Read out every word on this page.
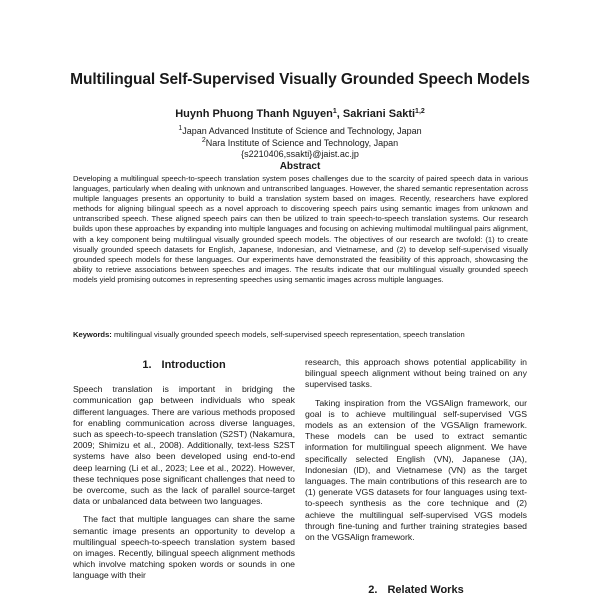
Multilingual Self-Supervised Visually Grounded Speech Models
Huynh Phuong Thanh Nguyen$^1$, Sakriani Sakti$^{1,2}$
$^1$Japan Advanced Institute of Science and Technology, Japan
$^2$Nara Institute of Science and Technology, Japan
{s2210406,ssakti}@jaist.ac.jp
Abstract

Developing a multilingual speech-to-speech translation system poses challenges due to the scarcity of paired speech data in various languages, particularly when dealing with unknown and untranscribed languages. However, the shared semantic representation across multiple languages presents an opportunity to build a translation system based on images. Recently, researchers have explored methods for aligning bilingual speech as a novel approach to discovering speech pairs using semantic images from unknown and untranscribed speech. These aligned speech pairs can then be utilized to train speech-to-speech translation systems. Our research builds upon these approaches by expanding into multiple languages and focusing on achieving multimodal multilingual pairs alignment, with a key component being multilingual visually grounded speech models. The objectives of our research are twofold: (1) to create visually grounded speech datasets for English, Japanese, Indonesian, and Vietnamese, and (2) to develop self-supervised visually grounded speech models for these languages. Our experiments have demonstrated the feasibility of this approach, showcasing the ability to retrieve associations between speeches and images. The results indicate that our multilingual visually grounded speech models yield promising outcomes in representing speeches using semantic images across multiple languages.

Keywords: multilingual visually grounded speech models, self-supervised speech representation, speech translation

1. Introduction

Speech translation is important in bridging the communication gap between individuals who speak different languages. There are various methods proposed for enabling communication across diverse languages, such as speech-to-speech translation (S2ST) (Nakamura, 2009; Shimizu et al., 2008). Additionally, text-less S2ST systems have also been developed using end-to-end deep learning (Li et al., 2023; Lee et al., 2022). However, these techniques pose significant challenges that need to be overcome, such as the lack of parallel source-target data or unbalanced data between two languages.

The fact that multiple languages can share the same semantic image presents an opportunity to develop a multilingual speech-to-speech translation system based on images. Recently, bilingual speech alignment methods which involve matching spoken words or sounds in one language with their

research, this approach shows potential applicability in bilingual speech alignment without being trained on any supervised tasks.

Taking inspiration from the VGSAlign framework, our goal is to achieve multilingual self-supervised VGS models as an extension of the VGSAlign framework. These models can be used to extract semantic information for multilingual speech alignment. We have specifically selected English (VN), Japanese (JA), Indonesian (ID), and Vietnamese (VN) as the target languages. The main contributions of this research are to (1) generate VGS datasets for four languages using text-to-speech synthesis as the core technique and (2) achieve the multilingual self-supervised VGS models through fine-tuning and further training strategies based on the VGSAlign framework.

2. Related Works
